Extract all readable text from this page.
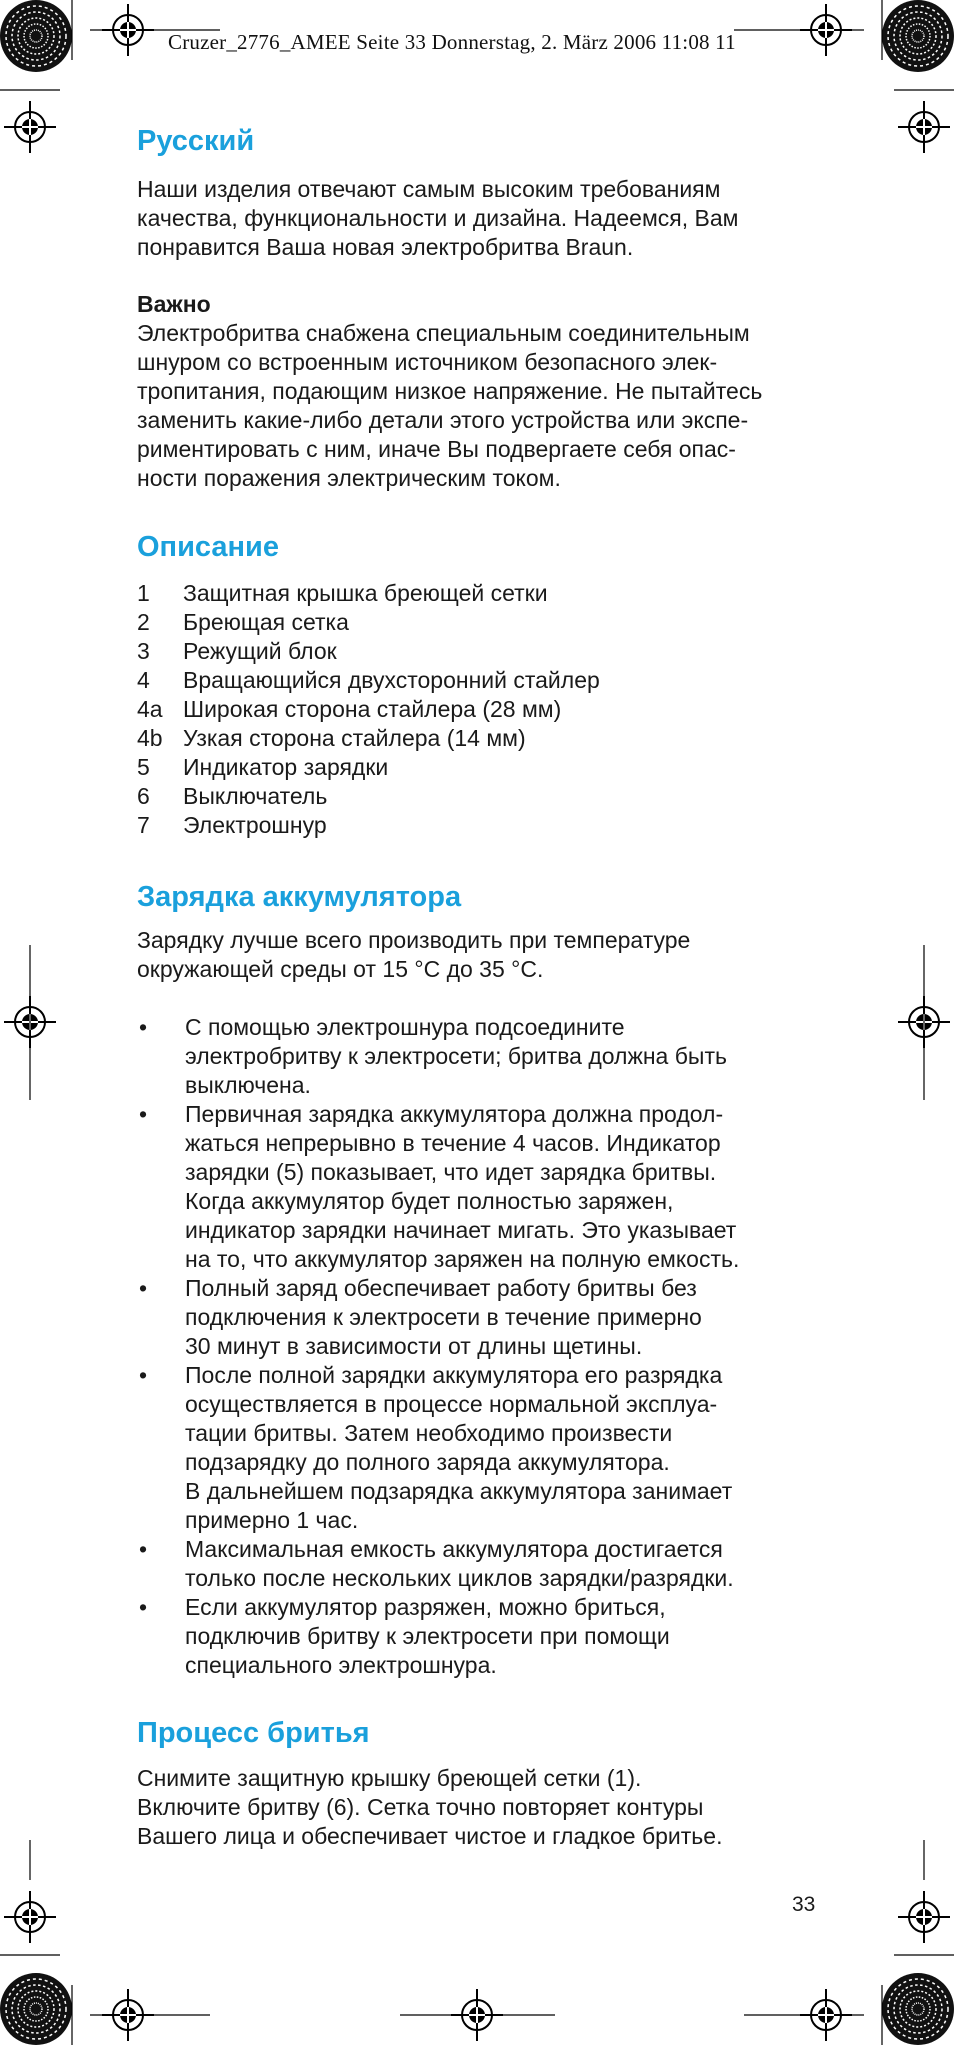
Cruzer_2776_AMEE Seite 33 Donnerstag, 2. März 2006 11:08 11
Русский
Наши изделия отвечают самым высоким требованиям
качества, функциональности и дизайна. Надеемся, Вам
понравится Ваша новая электробритва Braun.
Важно
Электробритва снабжена специальным соединительным
шнуром со встроенным источником безопасного элек-
тропитания, подающим низкое напряжение. Не пытайтесь
заменить какие-либо детали этого устройства или экспе-
риментировать с ним, иначе Вы подвергаете себя опас-
ности поражения электрическим током.
Описание
1	Защитная крышка бреющей сетки
2	Бреющая сетка
3	Режущий блок
4	Вращающийся двухсторонний стайлер
4a Широкая сторона стайлера (28 мм)
4b Узкая сторона стайлера (14 мм)
5	Индикатор зарядки
6	Выключатель
7	Электрошнур
Зарядка аккумулятора
Зарядку лучше всего производить при температуре
окружающей среды от 15 °C до 35 °C.
•	С помощью электрошнура подсоедините
электробритву к электросети; бритва должна быть
выключена.
•	Первичная зарядка аккумулятора должна продол-
жаться непрерывно в течение 4 часов. Индикатор
зарядки (5) показывает, что идет зарядка бритвы.
Когда аккумулятор будет полностью заряжен,
индикатор зарядки начинает мигать. Это указывает
на то, что аккумулятор заряжен на полную емкость.
•	Полный заряд обеспечивает работу бритвы без
подключения к электросети в течение примерно
30 минут в зависимости от длины щетины.
•	После полной зарядки аккумулятора его разрядка
осуществляется в процессе нормальной эксплуа-
тации бритвы. Затем необходимо произвести
подзарядку до полного заряда аккумулятора.
В дальнейшем подзарядка аккумулятора занимает
примерно 1 час.
•	Максимальная емкость аккумулятора достигается
только после нескольких циклов зарядки/разрядки.
•	Если аккумулятор разряжен, можно бриться,
подключив бритву к электросети при помощи
специального электрошнура.
Процесс бритья
Снимите защитную крышку бреющей сетки (1).
Включите бритву (6). Сетка точно повторяет контуры
Вашего лица и обеспечивает чистое и гладкое бритье.
33
